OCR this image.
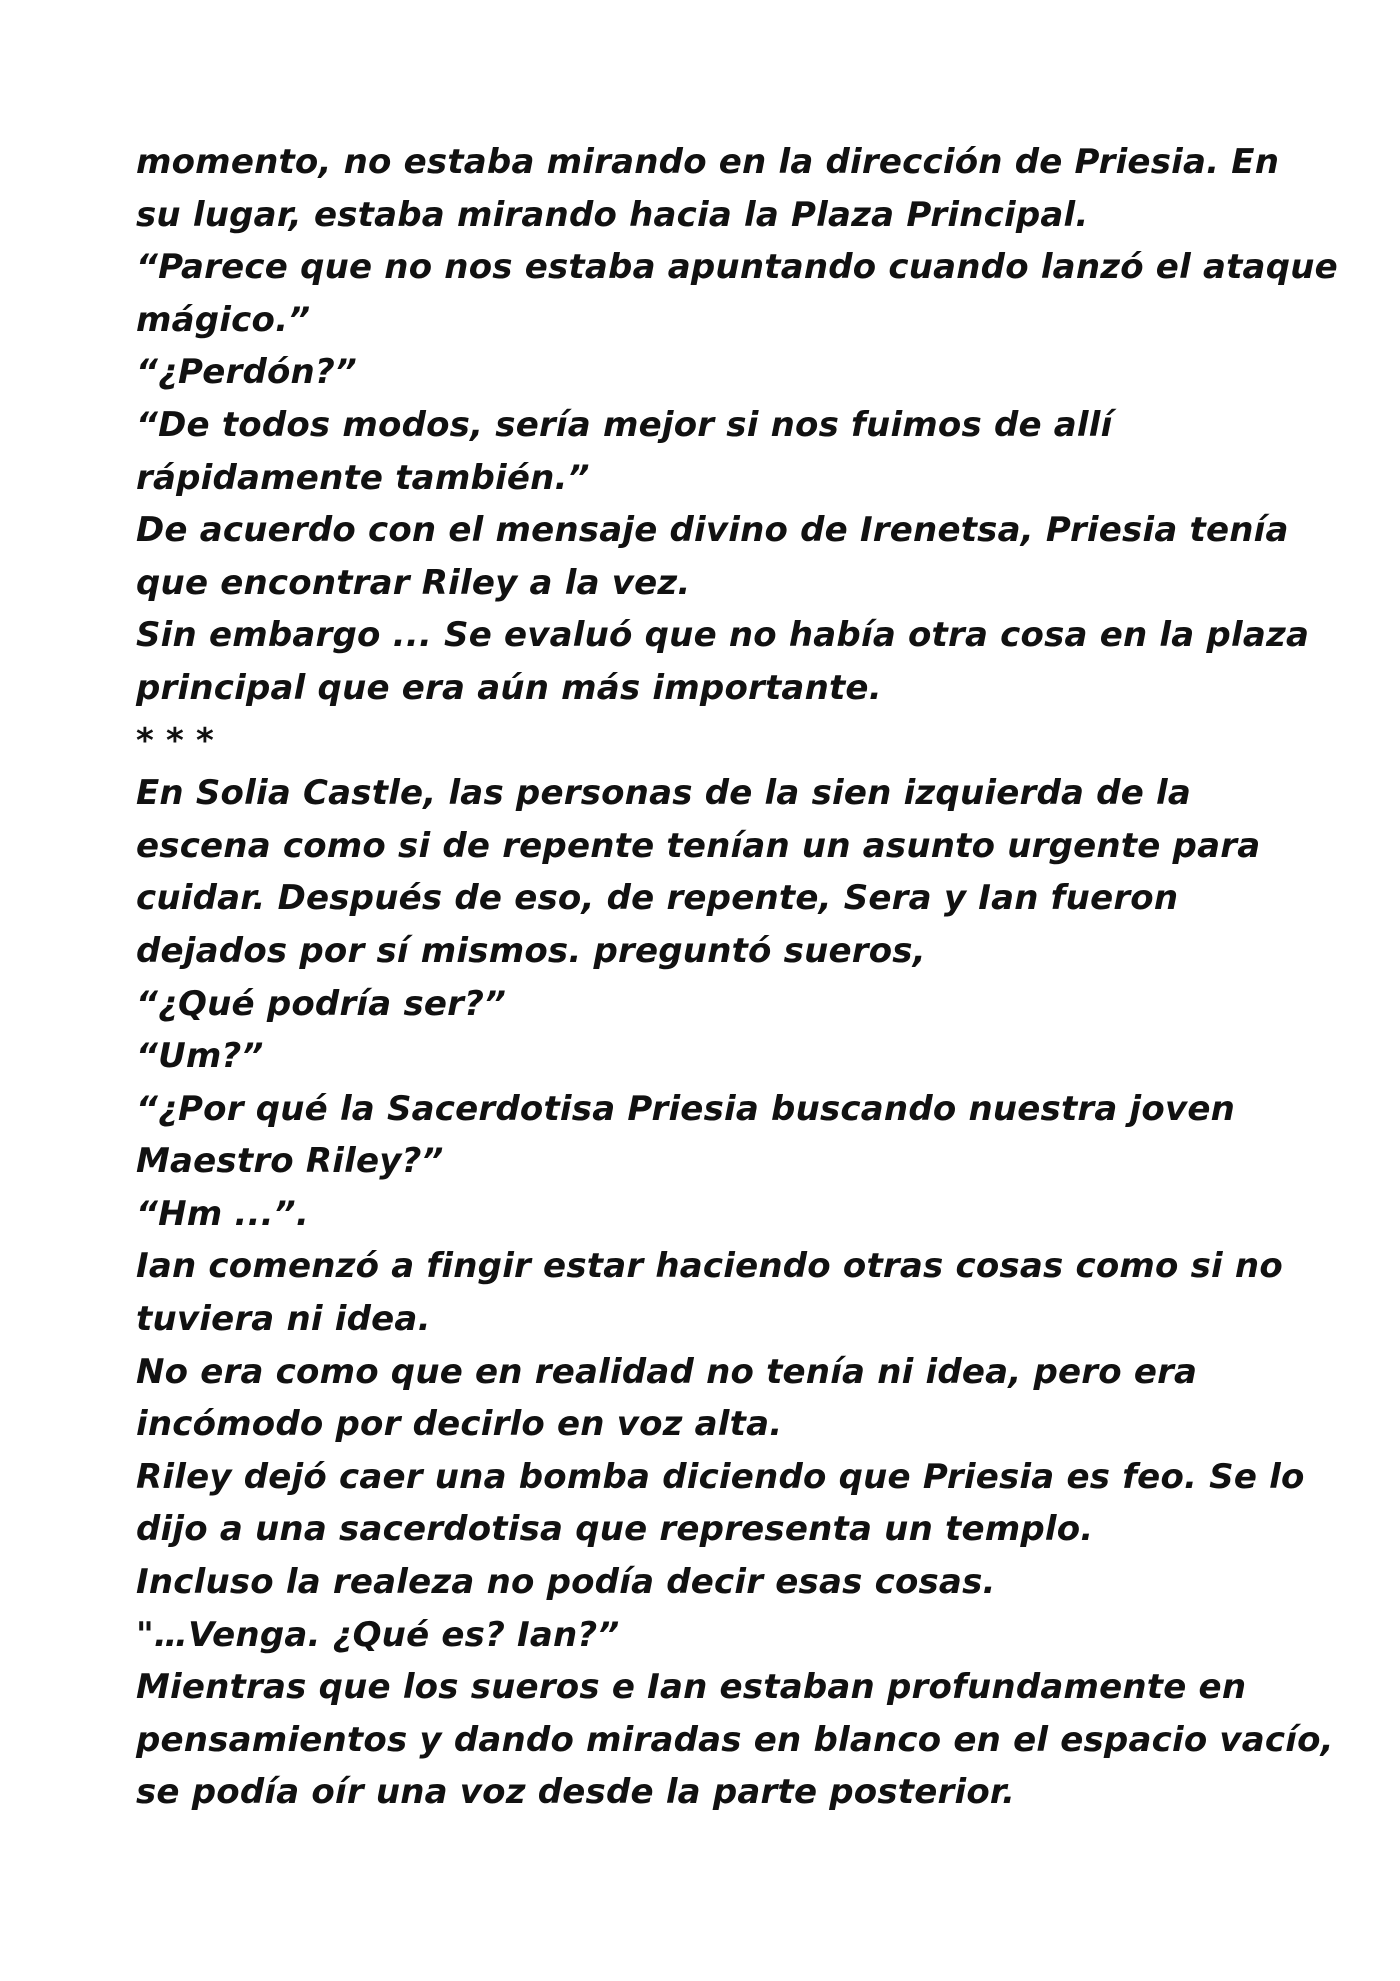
momento, no estaba mirando en la dirección de Priesia. En
su lugar, estaba mirando hacia la Plaza Principal.
“Parece que no nos estaba apuntando cuando lanzó el ataque
mágico.”
“¿Perdón?”
“De todos modos, sería mejor si nos fuimos de allí
rápidamente también.”
De acuerdo con el mensaje divino de Irenetsa, Priesia tenía
que encontrar Riley a la vez.
Sin embargo ... Se evaluó que no había otra cosa en la plaza
principal que era aún más importante.
* * *
En Solia Castle, las personas de la sien izquierda de la
escena como si de repente tenían un asunto urgente para
cuidar. Después de eso, de repente, Sera y Ian fueron
dejados por sí mismos. preguntó sueros,
“¿Qué podría ser?”
“Um?”
“¿Por qué la Sacerdotisa Priesia buscando nuestra joven
Maestro Riley?”
“Hm ...”.
Ian comenzó a fingir estar haciendo otras cosas como si no
tuviera ni idea.
No era como que en realidad no tenía ni idea, pero era
incómodo por decirlo en voz alta.
Riley dejó caer una bomba diciendo que Priesia es feo. Se lo
dijo a una sacerdotisa que representa un templo.
Incluso la realeza no podía decir esas cosas.
"…Venga. ¿Qué es? Ian?”
Mientras que los sueros e Ian estaban profundamente en
pensamientos y dando miradas en blanco en el espacio vacío,
se podía oír una voz desde la parte posterior.
